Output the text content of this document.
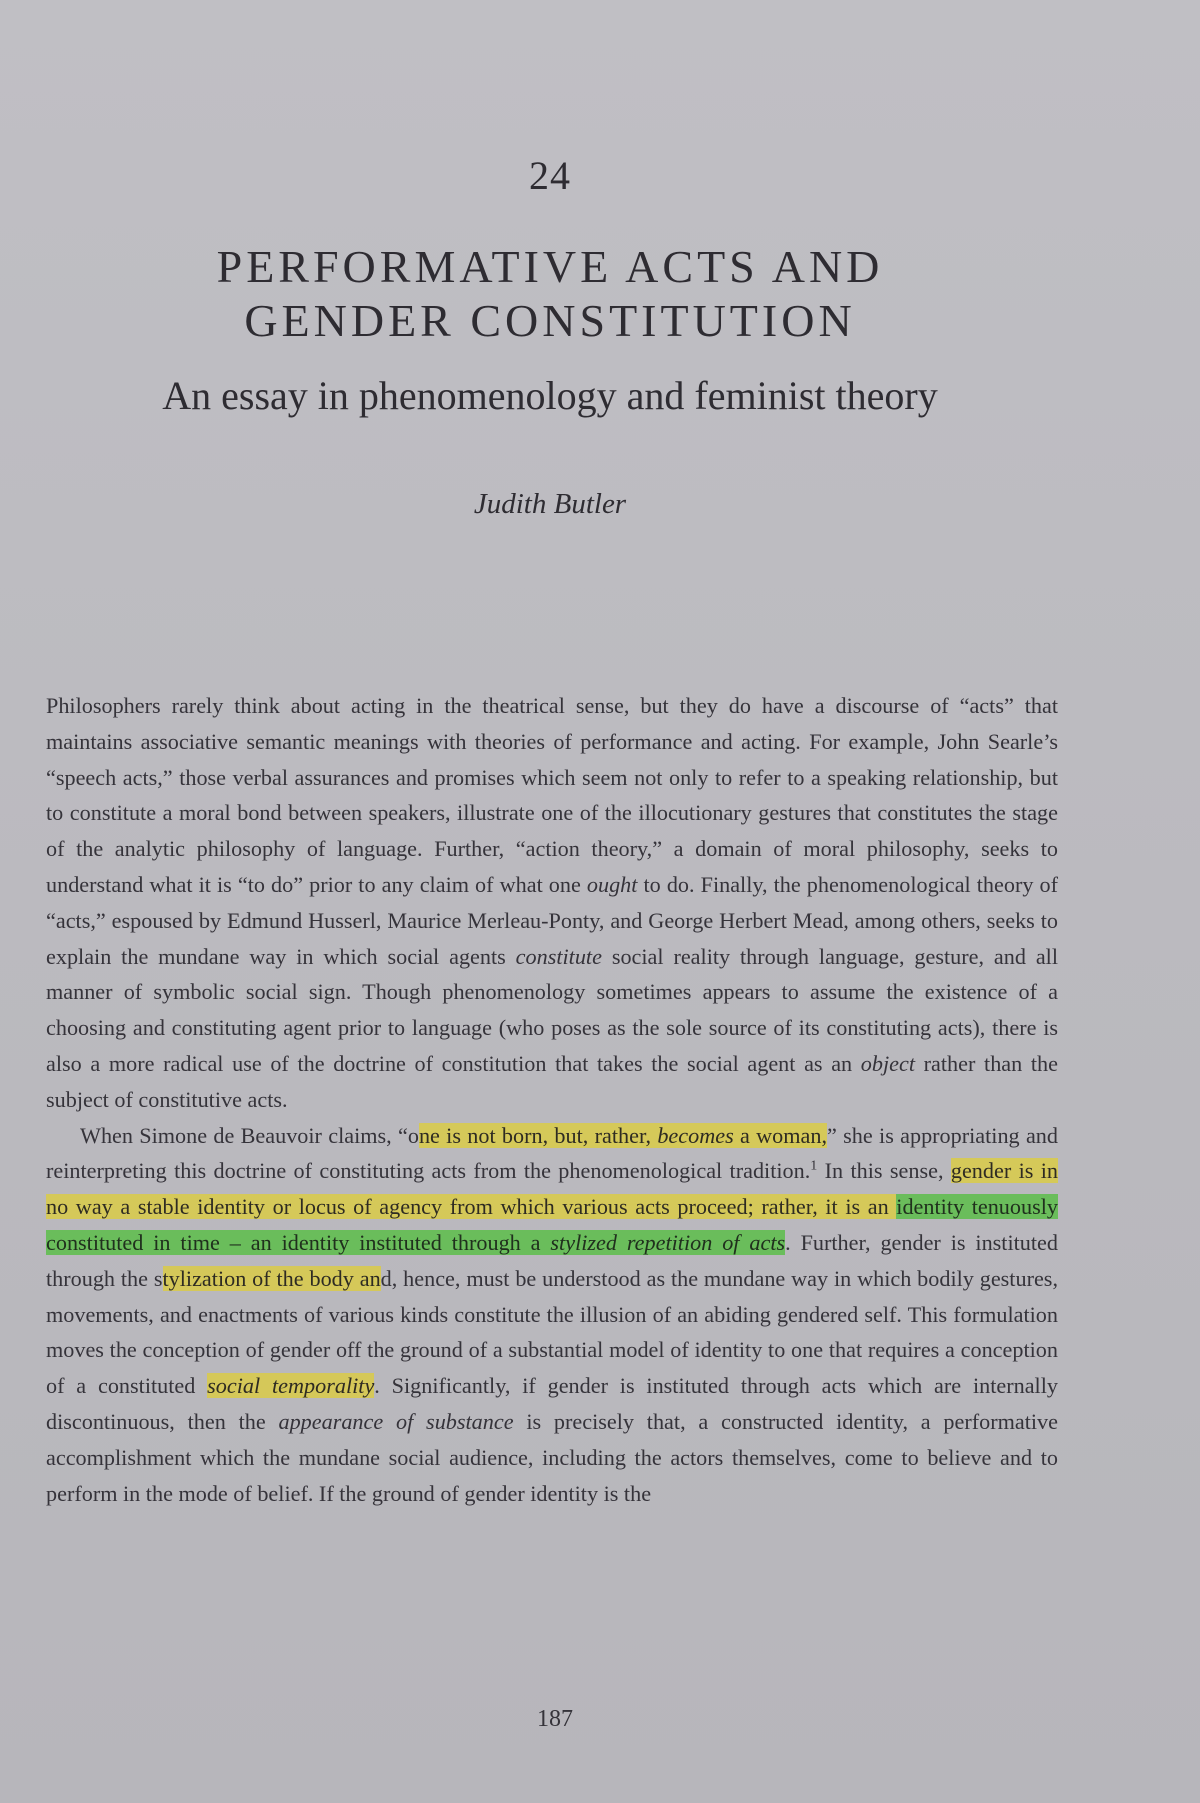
24
PERFORMATIVE ACTS AND
GENDER CONSTITUTION
An essay in phenomenology and feminist theory
Judith Butler

Philosophers rarely think about acting in the theatrical sense, but they do have a discourse of “acts” that maintains associative semantic meanings with theories of performance and acting. For example, John Searle’s “speech acts,” those verbal assurances and promises which seem not only to refer to a speaking relationship, but to constitute a moral bond between speakers, illustrate one of the illocutionary gestures that constitutes the stage of the analytic philosophy of language. Further, “action theory,” a domain of moral philosophy, seeks to understand what it is “to do” prior to any claim of what one ought to do. Finally, the phenomenological theory of “acts,” espoused by Edmund Husserl, Maurice Merleau-Ponty, and George Herbert Mead, among others, seeks to explain the mundane way in which social agents constitute social reality through language, gesture, and all manner of symbolic social sign. Though phenomenology sometimes appears to assume the existence of a choosing and constituting agent prior to language (who poses as the sole source of its constituting acts), there is also a more radical use of the doctrine of constitution that takes the social agent as an object rather than the subject of constitutive acts.

When Simone de Beauvoir claims, “one is not born, but, rather, becomes a woman,” she is appropriating and reinterpreting this doctrine of constituting acts from the phenomenological tradition.$^1$ In this sense, gender is in no way a stable identity or locus of agency from which various acts proceed; rather, it is an identity tenuously constituted in time – an identity instituted through a stylized repetition of acts. Further, gender is instituted through the stylization of the body and, hence, must be understood as the mundane way in which bodily gestures, movements, and enactments of various kinds constitute the illusion of an abiding gendered self. This formulation moves the conception of gender off the ground of a substantial model of identity to one that requires a conception of a constituted social temporality. Significantly, if gender is instituted through acts which are internally discontinuous, then the appearance of substance is precisely that, a constructed identity, a performative accomplishment which the mundane social audience, including the actors themselves, come to believe and to perform in the mode of belief. If the ground of gender identity is the

187
